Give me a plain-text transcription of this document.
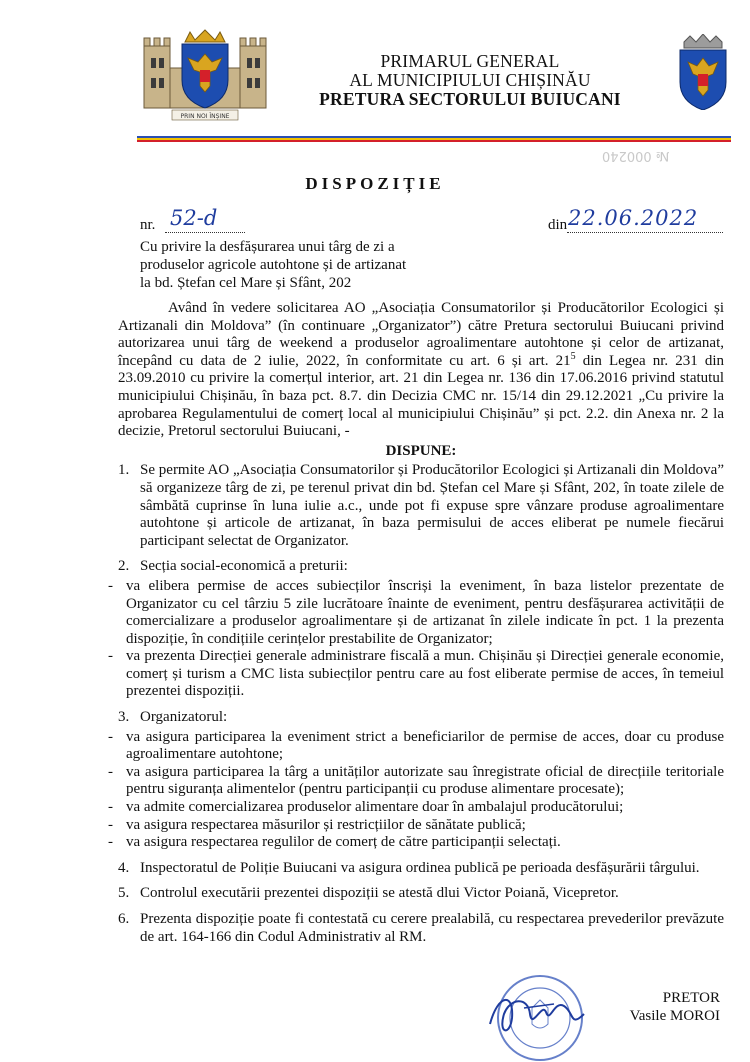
PRIN NOI ÎNȘINE
PRIMARUL GENERAL
AL MUNICIPIULUI CHIȘINĂU
PRETURA SECTORULUI BUIUCANI
№ 000240
DISPOZIȚIE
nr. 52-d	din 22.06.2022
Cu privire la desfășurarea unui târg de zi a produselor agricole autohtone și de artizanat la bd. Ștefan cel Mare și Sfânt, 202

Având în vedere solicitarea AO „Asociația Consumatorilor și Producătorilor Ecologici și Artizanali din Moldova” (în continuare „Organizator”) către Pretura sectorului Buiucani privind autorizarea unui târg de weekend a produselor agroalimentare autohtone și celor de artizanat, începând cu data de 2 iulie, 2022, în conformitate cu art. 6 și art. $21^5$ din Legea nr. 231 din 23.09.2010 cu privire la comerțul interior, art. 21 din Legea nr. 136 din 17.06.2016 privind statutul municipiului Chișinău, în baza pct. 8.7. din Decizia CMC nr. 15/14 din 29.12.2021 „Cu privire la aprobarea Regulamentului de comerț local al municipiului Chișinău” și pct. 2.2. din Anexa nr. 2 la decizie, Pretorul sectorului Buiucani, -

DISPUNE:
1. Se permite AO „Asociația Consumatorilor și Producătorilor Ecologici și Artizanali din Moldova” să organizeze târg de zi, pe terenul privat din bd. Ștefan cel Mare și Sfânt, 202, în toate zilele de sâmbătă cuprinse în luna iulie a.c., unde pot fi expuse spre vânzare produse agroalimentare autohtone și articole de artizanat, în baza permisului de acces eliberat pe numele fiecărui participant selectat de Organizator.
2. Secția social-economică a preturii:
- va elibera permise de acces subiecților înscriși la eveniment, în baza listelor prezentate de Organizator cu cel târziu 5 zile lucrătoare înainte de eveniment, pentru desfășurarea activității de comercializare a produselor agroalimentare și de artizanat în zilele indicate în pct. 1 la prezenta dispoziție, în condițiile cerințelor prestabilite de Organizator;
- va prezenta Direcției generale administrare fiscală a mun. Chișinău și Direcției generale economie, comerț și turism a CMC lista subiecților pentru care au fost eliberate permise de acces, în temeiul prezentei dispoziții.
3. Organizatorul:
- va asigura participarea la eveniment strict a beneficiarilor de permise de acces, doar cu produse agroalimentare autohtone;
- va asigura participarea la târg a unităților autorizate sau înregistrate oficial de direcțiile teritoriale pentru siguranța alimentelor (pentru participanții cu produse alimentare procesate);
- va admite comercializarea produselor alimentare doar în ambalajul producătorului;
- va asigura respectarea măsurilor și restricțiilor de sănătate publică;
- va asigura respectarea regulilor de comerț de către participanții selectați.
4. Inspectoratul de Poliție Buiucani va asigura ordinea publică pe perioada desfășurării târgului.
5. Controlul executării prezentei dispoziții se atestă dlui Victor Poiană, Vicepretor.
6. Prezenta dispoziție poate fi contestată cu cerere prealabilă, cu respectarea prevederilor prevăzute de art. 164-166 din Codul Administrativ al RM.
PRETOR
Vasile MOROI
